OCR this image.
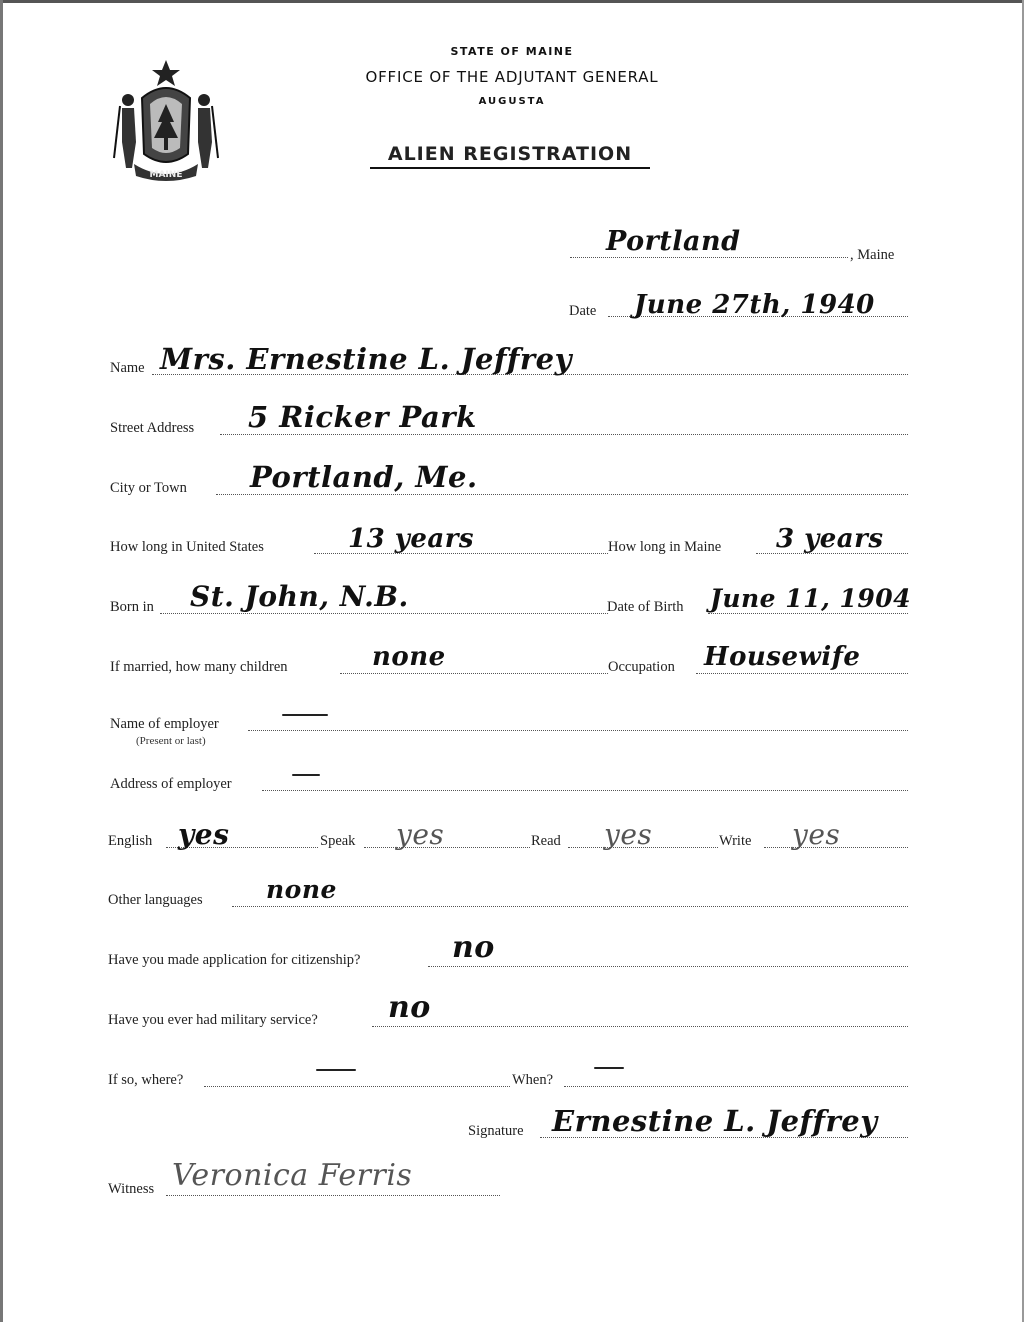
MAINE
STATE OF MAINE
OFFICE OF THE ADJUTANT GENERAL
AUGUSTA
ALIEN REGISTRATION
Portland	, Maine
Date June 27th, 1940
Name Mrs. Ernestine L. Jeffrey
Street Address 5 Ricker Park
City or Town Portland, Me.
How long in United States	13 years	How long in Maine 3 years
Born in St. John, N.B.	Date of Birth June 11, 1904
If married, how many children	none	Occupation Housewife
Name of employer
(Present or last)
Address of employer
English yes	Speak yes	Read yes	Write yes
Other languages	none
Have you made application for citizenship?	no
Have you ever had military service? no
If so, where?	When?
Signature Ernestine L. Jeffrey
Witness Veronica Ferris
